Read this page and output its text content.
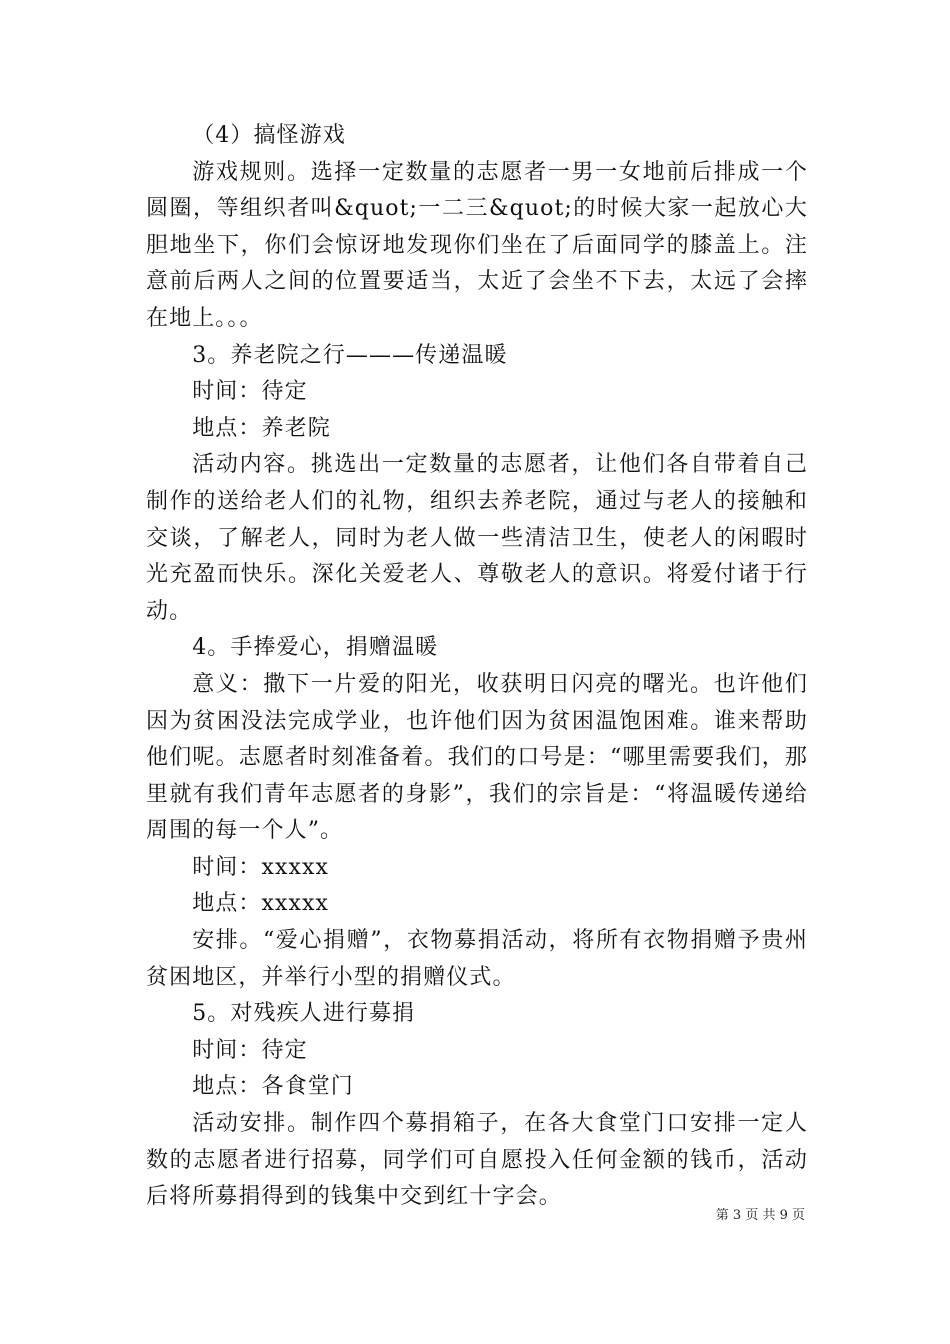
（4）搞怪游戏

游戏规则。选择一定数量的志愿者一男一女地前后排成一个圆圈，等组织者叫&quot;一二三&quot;的时候大家一起放心大胆地坐下，你们会惊讶地发现你们坐在了后面同学的膝盖上。注意前后两人之间的位置要适当，太近了会坐不下去，太远了会摔在地上。。。

3。养老院之行———传递温暖

时间：待定

地点：养老院

活动内容。挑选出一定数量的志愿者，让他们各自带着自己制作的送给老人们的礼物，组织去养老院，通过与老人的接触和交谈，了解老人，同时为老人做一些清洁卫生，使老人的闲暇时光充盈而快乐。深化关爱老人、尊敬老人的意识。将爱付诸于行动。

4。手捧爱心，捐赠温暖

意义：撒下一片爱的阳光，收获明日闪亮的曙光。也许他们因为贫困没法完成学业，也许他们因为贫困温饱困难。谁来帮助他们呢。志愿者时刻准备着。我们的口号是：“哪里需要我们，那里就有我们青年志愿者的身影”，我们的宗旨是：“将温暖传递给周围的每一个人”。

时间：xxxxx

地点：xxxxx

安排。“爱心捐赠”，衣物募捐活动，将所有衣物捐赠予贵州贫困地区，并举行小型的捐赠仪式。

5。对残疾人进行募捐

时间：待定

地点：各食堂门

活动安排。制作四个募捐箱子，在各大食堂门口安排一定人数的志愿者进行招募，同学们可自愿投入任何金额的钱币，活动后将所募捐得到的钱集中交到红十字会。

第 3 页 共 9 页
